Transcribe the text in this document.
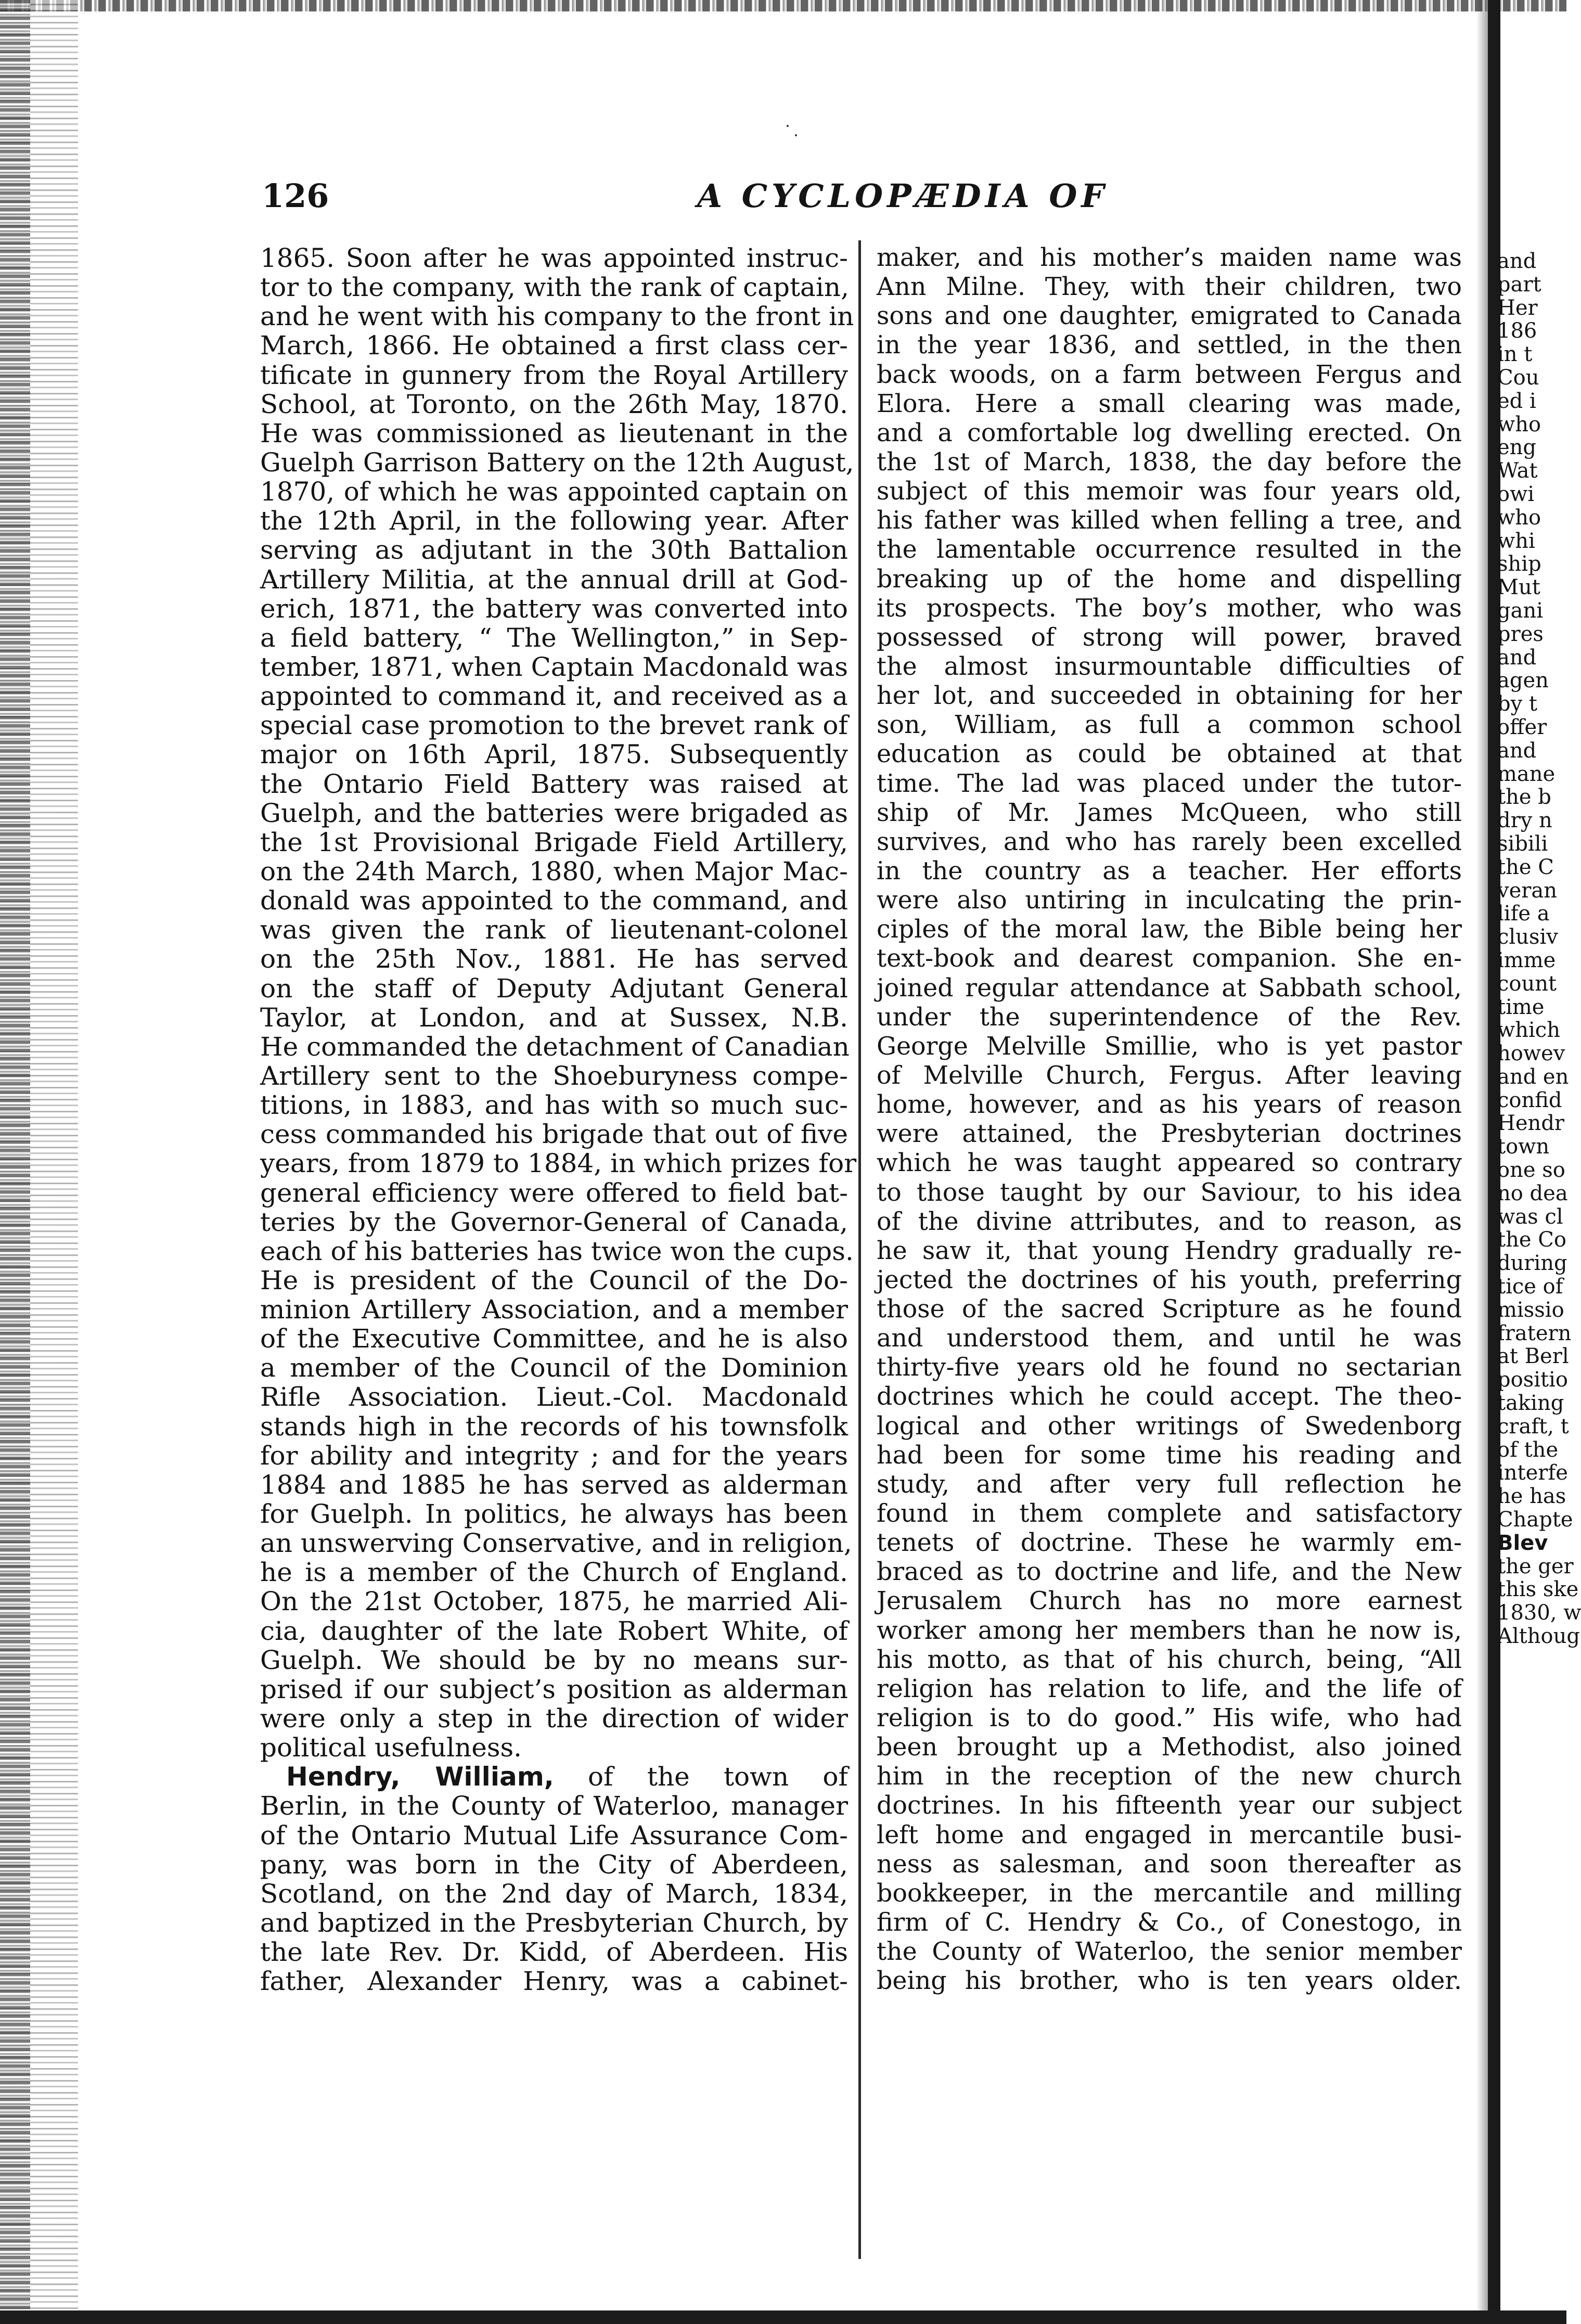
126	A CYCLOPÆDIA OF
1865. Soon after he was appointed instruc-
tor to the company, with the rank of captain,
and he went with his company to the front in
March, 1866. He obtained a first class cer-
tificate in gunnery from the Royal Artillery
School, at Toronto, on the 26th May, 1870.
He was commissioned as lieutenant in the
Guelph Garrison Battery on the 12th August,
1870, of which he was appointed captain on
the 12th April, in the following year. After
serving as adjutant in the 30th Battalion
Artillery Militia, at the annual drill at God-
erich, 1871, the battery was converted into
a field battery, “ The Wellington,” in Sep-
tember, 1871, when Captain Macdonald was
appointed to command it, and received as a
special case promotion to the brevet rank of
major on 16th April, 1875. Subsequently
the Ontario Field Battery was raised at
Guelph, and the batteries were brigaded as
the 1st Provisional Brigade Field Artillery,
on the 24th March, 1880, when Major Mac-
donald was appointed to the command, and
was given the rank of lieutenant-colonel
on the 25th Nov., 1881. He has served
on the staff of Deputy Adjutant General
Taylor, at London, and at Sussex, N.B.
He commanded the detachment of Canadian
Artillery sent to the Shoeburyness compe-
titions, in 1883, and has with so much suc-
cess commanded his brigade that out of five
years, from 1879 to 1884, in which prizes for
general efficiency were offered to field bat-
teries by the Governor-General of Canada,
each of his batteries has twice won the cups.
He is president of the Council of the Do-
minion Artillery Association, and a member
of the Executive Committee, and he is also
a member of the Council of the Dominion
Rifle Association. Lieut.-Col. Macdonald
stands high in the records of his townsfolk
for ability and integrity ; and for the years
1884 and 1885 he has served as alderman
for Guelph. In politics, he always has been
an unswerving Conservative, and in religion,
he is a member of the Church of England.
On the 21st October, 1875, he married Ali-
cia, daughter of the late Robert White, of
Guelph. We should be by no means sur-
prised if our subject’s position as alderman
were only a step in the direction of wider
political usefulness.
Hendry, William, of the town of
Berlin, in the County of Waterloo, manager
of the Ontario Mutual Life Assurance Com-
pany, was born in the City of Aberdeen,
Scotland, on the 2nd day of March, 1834,
and baptized in the Presbyterian Church, by
the late Rev. Dr. Kidd, of Aberdeen. His
father, Alexander Henry, was a cabinet-
maker, and his mother’s maiden name was
Ann Milne. They, with their children, two
sons and one daughter, emigrated to Canada
in the year 1836, and settled, in the then
back woods, on a farm between Fergus and
Elora. Here a small clearing was made,
and a comfortable log dwelling erected. On
the 1st of March, 1838, the day before the
subject of this memoir was four years old,
his father was killed when felling a tree, and
the lamentable occurrence resulted in the
breaking up of the home and dispelling
its prospects. The boy’s mother, who was
possessed of strong will power, braved
the almost insurmountable difficulties of
her lot, and succeeded in obtaining for her
son, William, as full a common school
education as could be obtained at that
time. The lad was placed under the tutor-
ship of Mr. James McQueen, who still
survives, and who has rarely been excelled
in the country as a teacher. Her efforts
were also untiring in inculcating the prin-
ciples of the moral law, the Bible being her
text-book and dearest companion. She en-
joined regular attendance at Sabbath school,
under the superintendence of the Rev.
George Melville Smillie, who is yet pastor
of Melville Church, Fergus. After leaving
home, however, and as his years of reason
were attained, the Presbyterian doctrines
which he was taught appeared so contrary
to those taught by our Saviour, to his idea
of the divine attributes, and to reason, as
he saw it, that young Hendry gradually re-
jected the doctrines of his youth, preferring
those of the sacred Scripture as he found
and understood them, and until he was
thirty-five years old he found no sectarian
doctrines which he could accept. The theo-
logical and other writings of Swedenborg
had been for some time his reading and
study, and after very full reflection he
found in them complete and satisfactory
tenets of doctrine. These he warmly em-
braced as to doctrine and life, and the New
Jerusalem Church has no more earnest
worker among her members than he now is,
his motto, as that of his church, being, “All
religion has relation to life, and the life of
religion is to do good.” His wife, who had
been brought up a Methodist, also joined
him in the reception of the new church
doctrines. In his fifteenth year our subject
left home and engaged in mercantile busi-
ness as salesman, and soon thereafter as
bookkeeper, in the mercantile and milling
firm of C. Hendry & Co., of Conestogo, in
the County of Waterloo, the senior member
being his brother, who is ten years older.
and
part
Her
186
in t
Cou
ed i
who
eng
Wat
owi
who
whi
ship
Mut
gani
pres
and
agen
by t
offer
and
mane
the b
dry n
sibili
the C
veran
life a
clusiv
imme
count
time
which
howev
and en
confid
Hendr
town
one so
no dea
was cl
the Co
during
tice of
missio
fratern
at Berl
positio
taking
craft, t
of the
interfe
he has
Chapte
Blev
the ger
this ske
1830, w
Althoug
